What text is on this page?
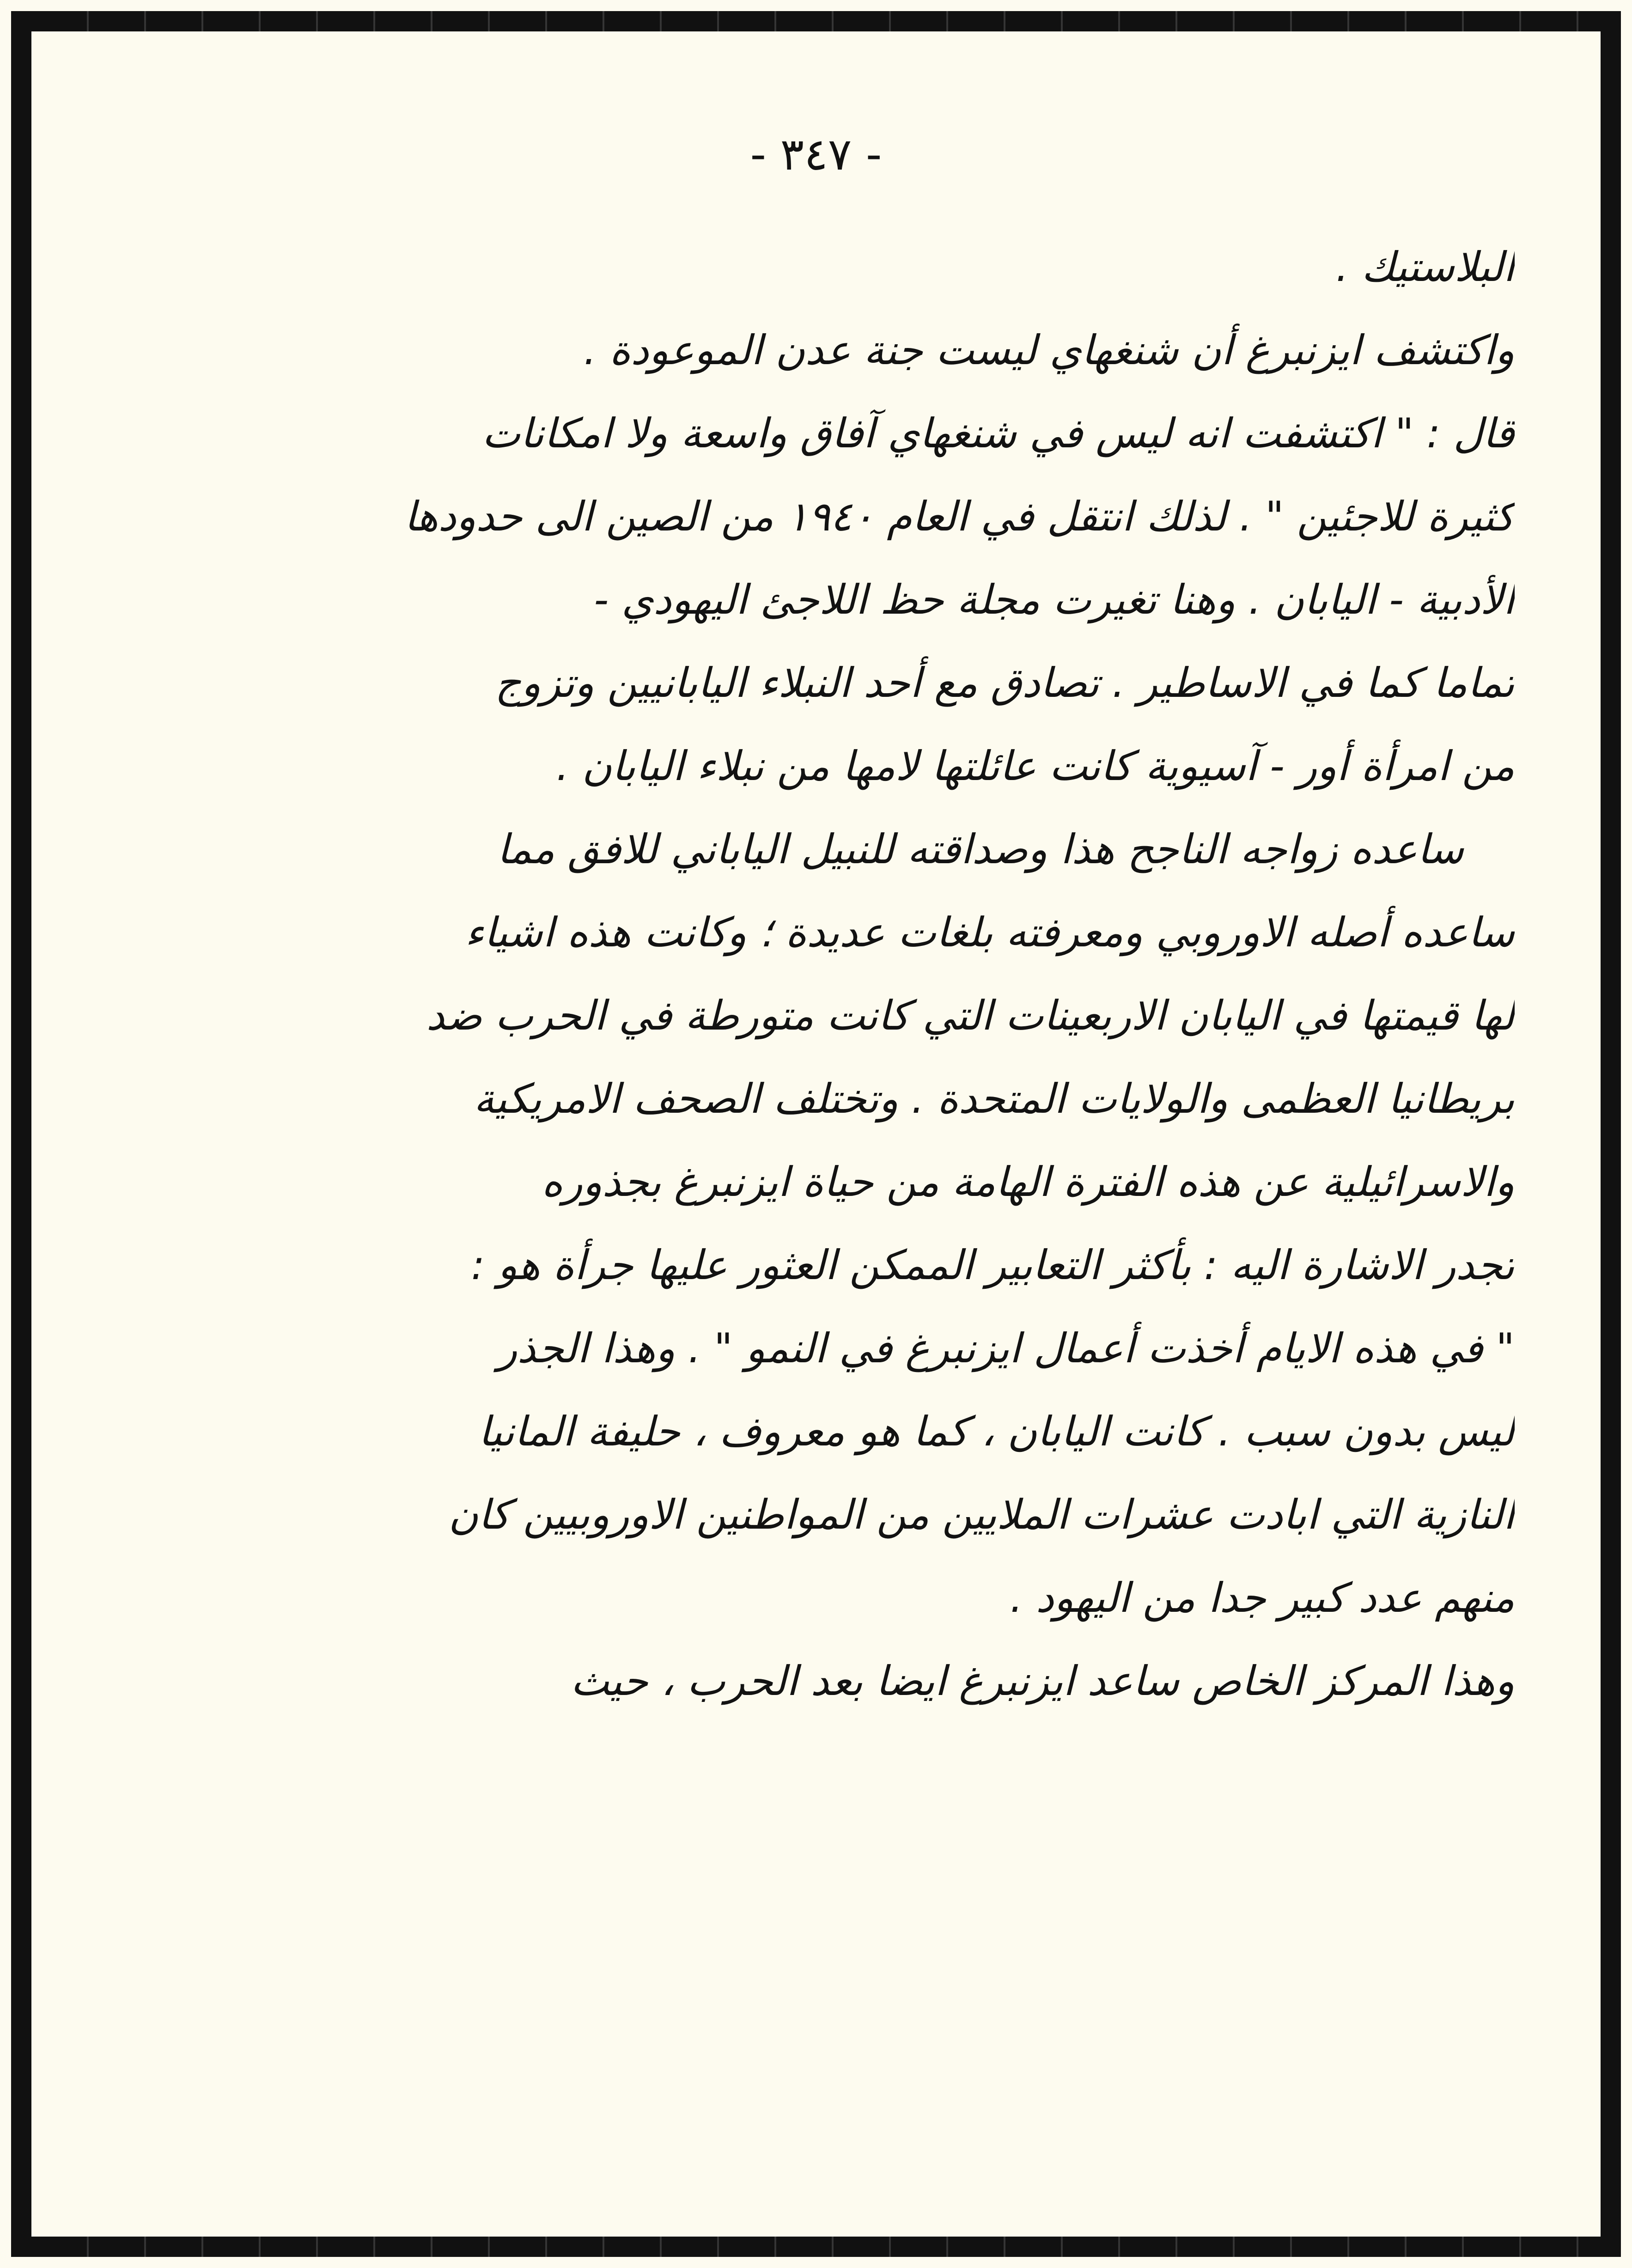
- ٣٤٧ -
البلاستيك .
واكتشف ايزنبرغ أن شنغهاي ليست جنة عدن الموعودة .
قال : " اكتشفت انه ليس في شنغهاي آفاق واسعة ولا امكانات
كثيرة للاجئين " . لذلك انتقل في العام ١٩٤٠ من الصين الى حدودها
الأدبية - اليابان . وهنا تغيرت مجلة حظ اللاجئ اليهودي -
تماما كما في الاساطير . تصادق مع أحد النبلاء اليابانيين وتزوج
من امرأة أور - آسيوية كانت عائلتها لامها من نبلاء اليابان .
ساعده زواجه الناجح هذا وصداقته للنبيل الياباني للافق مما
ساعده أصله الاوروبي ومعرفته بلغات عديدة ؛ وكانت هذه اشياء
لها قيمتها في اليابان الاربعينات التي كانت متورطة في الحرب ضد
بريطانيا العظمى والولايات المتحدة . وتختلف الصحف الامريكية
والاسرائيلية عن هذه الفترة الهامة من حياة ايزنبرغ بجذوره
تجدر الاشارة اليه : بأكثر التعابير الممكن العثور عليها جرأة هو :
" في هذه الايام أخذت أعمال ايزنبرغ في النمو " . وهذا الجذر
ليس بدون سبب . كانت اليابان ، كما هو معروف ، حليفة المانيا
النازية التي ابادت عشرات الملايين من المواطنين الاوروبيين كان
منهم عدد كبير جدا من اليهود .
وهذا المركز الخاص ساعد ايزنبرغ ايضا بعد الحرب ، حيث
